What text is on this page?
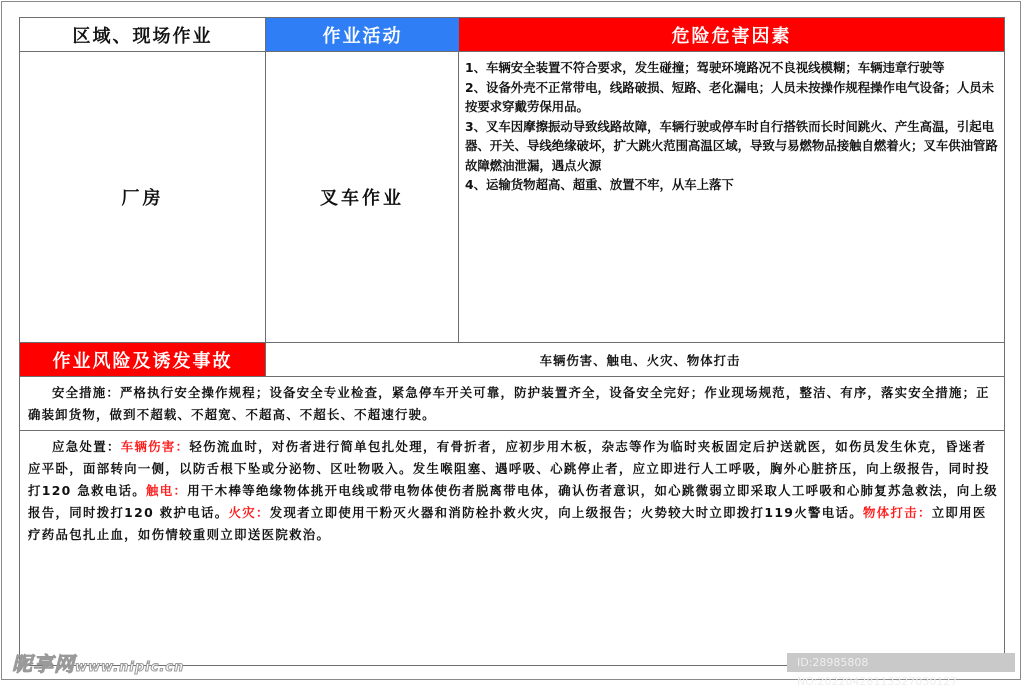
区域、现场作业	作业活动	危险危害因素
厂房	叉车作业

1、车辆安全装置不符合要求，发生碰撞；驾驶环境路况不良视线模糊；车辆违章行驶等

2、设备外壳不正常带电，线路破损、短路、老化漏电；人员未按操作规程操作电气设备；人员未按要求穿戴劳保用品。

3、叉车因摩擦振动导致线路故障，车辆行驶或停车时自行搭铁而长时间跳火、产生高温，引起电器、开关、导线绝缘破坏，扩大跳火范围高温区域，导致与易燃物品接触自燃着火；叉车供油管路故障燃油泄漏，遇点火源

4、运输货物超高、超重、放置不牢，从车上落下

作业风险及诱发事故	车辆伤害、触电、火灾、物体打击
安全措施：严格执行安全操作规程；设备安全专业检查，紧急停车开关可靠，防护装置齐全，设备安全完好；作业现场规范，整洁、有序，落实安全措施；正确装卸货物，做到不超载、不超宽、不超高、不超长、不超速行驶。
应急处置：车辆伤害：轻伤流血时，对伤者进行简单包扎处理，有骨折者，应初步用木板，杂志等作为临时夹板固定后护送就医，如伤员发生休克，昏迷者应平卧，面部转向一侧，以防舌根下坠或分泌物、区吐物吸入。发生喉阻塞、遇呼吸、心跳停止者，应立即进行人工呼吸，胸外心脏挤压，向上级报告，同时投打120 急救电话。触电：用干木棒等绝缘物体挑开电线或带电物体使伤者脱离带电体，确认伤者意识，如心跳微弱立即采取人工呼吸和心肺复苏急救法，向上级报告，同时拨打120 救护电话。火灾：发现者立即使用干粉灭火器和消防栓扑救火灾，向上级报告；火势较大时立即拨打119火警电话。物体打击：立即用医疗药品包扎止血，如伤情较重则立即送医院救治。
昵享网www.nipic.cn	ID:28985808 NO:20220428113327030127
